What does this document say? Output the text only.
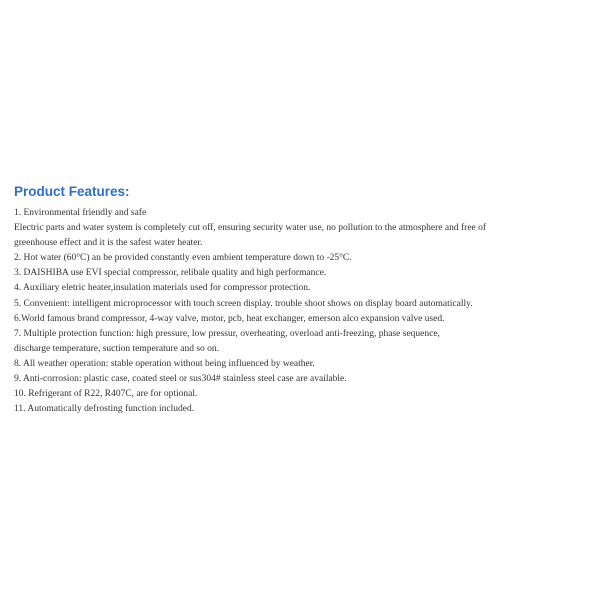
Product Features:
1. Environmental friendly and safe
Electric parts and water system is completely cut off, ensuring security water use, no pollution to the atmosphere and free of
greenhouse effect and it is the safest water heater.
2. Hot water (60°C) an be provided constantly even ambient temperature down to -25°C.
3. DAISHIBA use EVI special compressor, relibale quality and high performance.
4. Auxiliary eletric heater,insulation materials used for compressor protection.
5. Convenient: intelligent microprocessor with touch screen display. trouble shoot shows on display board automatically.
6.World famous brand compressor, 4-way valve, motor, pcb, heat exchanger, emerson alco expansion valve used.
7. Multiple protection function: high pressure, low pressur, overheating, overload anti-freezing, phase sequence,
discharge temperature, suction temperature and so on.
8. All weather operation: stable operation without being influenced by weather.
9. Anti-corrosion: plastic case, coated steel or sus304# stainless steel case are available.
10. Refrigerant of R22, R407C, are for optional.
11. Automatically defrosting function included.
